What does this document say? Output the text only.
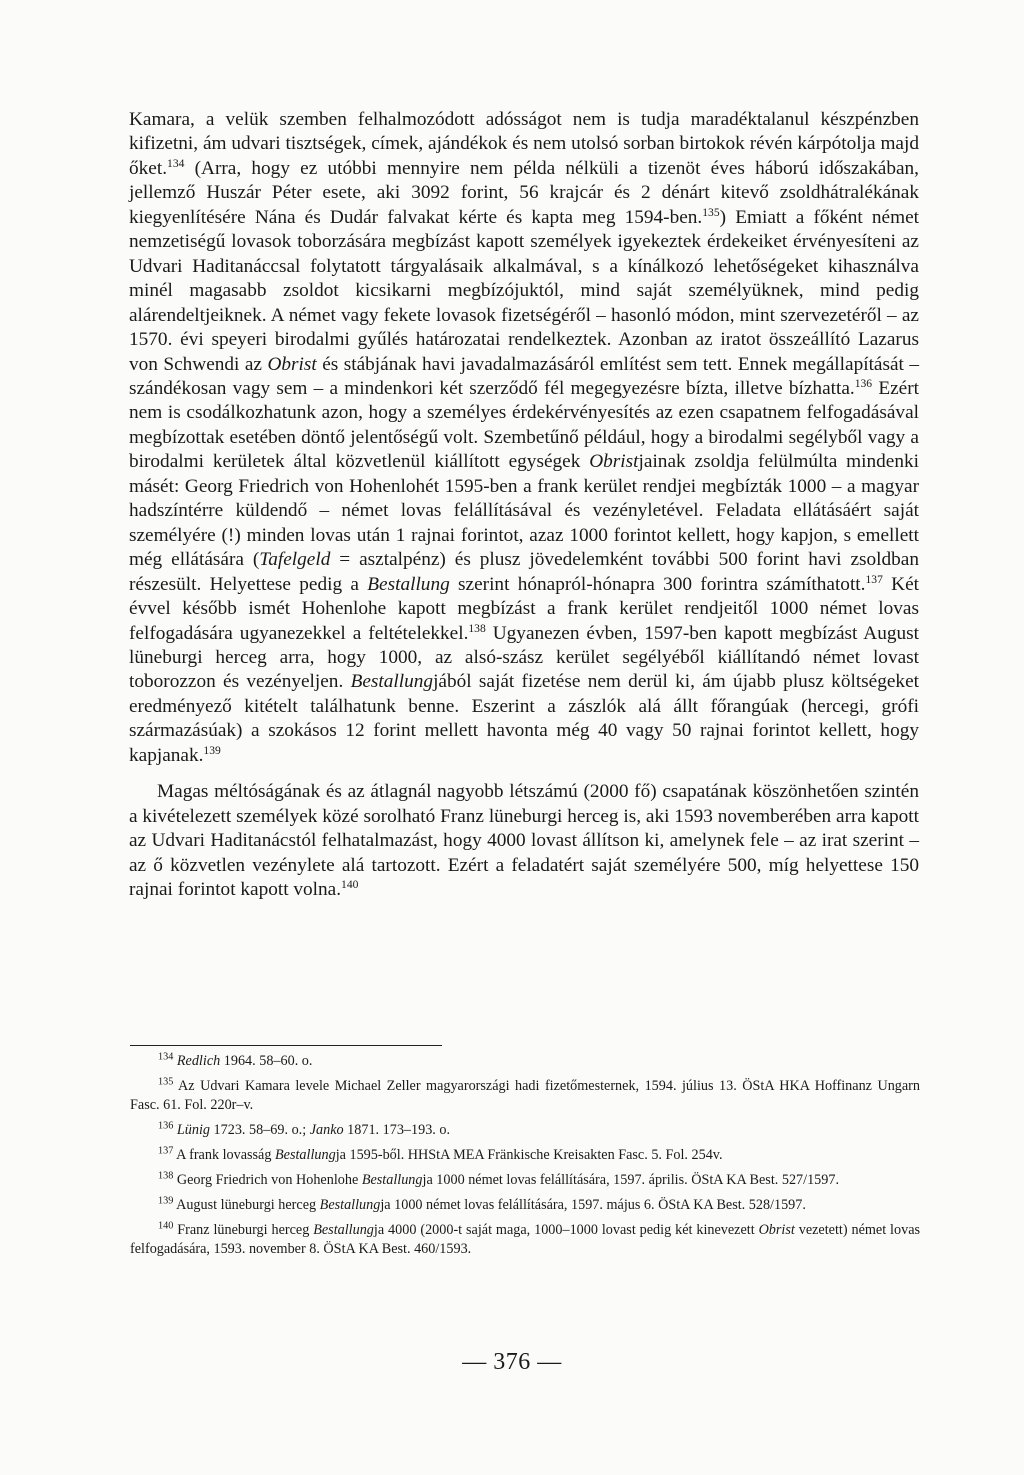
Kamara, a velük szemben felhalmozódott adósságot nem is tudja maradéktalanul készpénzben kifizetni, ám udvari tisztségek, címek, ajándékok és nem utolsó sorban birtokok révén kárpótolja majd őket.$^{134}$ (Arra, hogy ez utóbbi mennyire nem példa nélküli a tizenöt éves háború időszakában, jellemző Huszár Péter esete, aki 3092 forint, 56 krajcár és 2 dénárt kitevő zsoldhátralékának kiegyenlítésére Nána és Dudár falvakat kérte és kapta meg 1594-ben.$^{135}$) Emiatt a főként német nemzetiségű lovasok toborzására megbízást kapott személyek igyekeztek érdekeiket érvényesíteni az Udvari Haditanáccsal folytatott tárgyalásaik alkalmával, s a kínálkozó lehetőségeket kihasználva minél magasabb zsoldot kicsikarni megbízójuktól, mind saját személyüknek, mind pedig alárendeltjeiknek. A német vagy fekete lovasok fizetségéről – hasonló módon, mint szervezetéről – az 1570. évi speyeri birodalmi gyűlés határozatai rendelkeztek. Azonban az iratot összeállító Lazarus von Schwendi az Obrist és stábjának havi javadalmazásáról említést sem tett. Ennek megállapítását – szándékosan vagy sem – a mindenkori két szerződő fél megegyezésre bízta, illetve bízhatta.$^{136}$ Ezért nem is csodálkozhatunk azon, hogy a személyes érdekérvényesítés az ezen csapatnem felfogadásával megbízottak esetében döntő jelentőségű volt. Szembetűnő például, hogy a birodalmi segélyből vagy a birodalmi kerületek által közvetlenül kiállított egységek Obristjainak zsoldja felülmúlta mindenki másét: Georg Friedrich von Hohenlohét 1595-ben a frank kerület rendjei megbízták 1000 – a magyar hadszíntérre küldendő – német lovas felállításával és vezényletével. Feladata ellátásáért saját személyére (!) minden lovas után 1 rajnai forintot, azaz 1000 forintot kellett, hogy kapjon, s emellett még ellátására (Tafelgeld = asztalpénz) és plusz jövedelemként további 500 forint havi zsoldban részesült. Helyettese pedig a Bestallung szerint hónapról-hónapra 300 forintra számíthatott.$^{137}$ Két évvel később ismét Hohenlohe kapott megbízást a frank kerület rendjeitől 1000 német lovas felfogadására ugyanezekkel a feltételekkel.$^{138}$ Ugyanezen évben, 1597-ben kapott megbízást August lüneburgi herceg arra, hogy 1000, az alsó-szász kerület segélyéből kiállítandó német lovast toborozzon és vezényeljen. Bestallungjából saját fizetése nem derül ki, ám újabb plusz költségeket eredményező kitételt találhatunk benne. Eszerint a zászlók alá állt főrangúak (hercegi, grófi származásúak) a szokásos 12 forint mellett havonta még 40 vagy 50 rajnai forintot kellett, hogy kapjanak.$^{139}$

Magas méltóságának és az átlagnál nagyobb létszámú (2000 fő) csapatának köszönhetően szintén a kivételezett személyek közé sorolható Franz lüneburgi herceg is, aki 1593 novemberében arra kapott az Udvari Haditanácstól felhatalmazást, hogy 4000 lovast állítson ki, amelynek fele – az irat szerint – az ő közvetlen vezénylete alá tartozott. Ezért a feladatért saját személyére 500, míg helyettese 150 rajnai forintot kapott volna.$^{140}$

$^{134}$ Redlich 1964. 58–60. o.

$^{135}$ Az Udvari Kamara levele Michael Zeller magyarországi hadi fizetőmesternek, 1594. július 13. ÖStA HKA Hoffinanz Ungarn Fasc. 61. Fol. 220r–v.

$^{136}$ Lünig 1723. 58–69. o.; Janko 1871. 173–193. o.

$^{137}$ A frank lovasság Bestallungja 1595-ből. HHStA MEA Fränkische Kreisakten Fasc. 5. Fol. 254v.

$^{138}$ Georg Friedrich von Hohenlohe Bestallungja 1000 német lovas felállítására, 1597. április. ÖStA KA Best. 527/1597.

$^{139}$ August lüneburgi herceg Bestallungja 1000 német lovas felállítására, 1597. május 6. ÖStA KA Best. 528/1597.

$^{140}$ Franz lüneburgi herceg Bestallungja 4000 (2000-t saját maga, 1000–1000 lovast pedig két kinevezett Obrist vezetett) német lovas felfogadására, 1593. november 8. ÖStA KA Best. 460/1593.

— 376 —
